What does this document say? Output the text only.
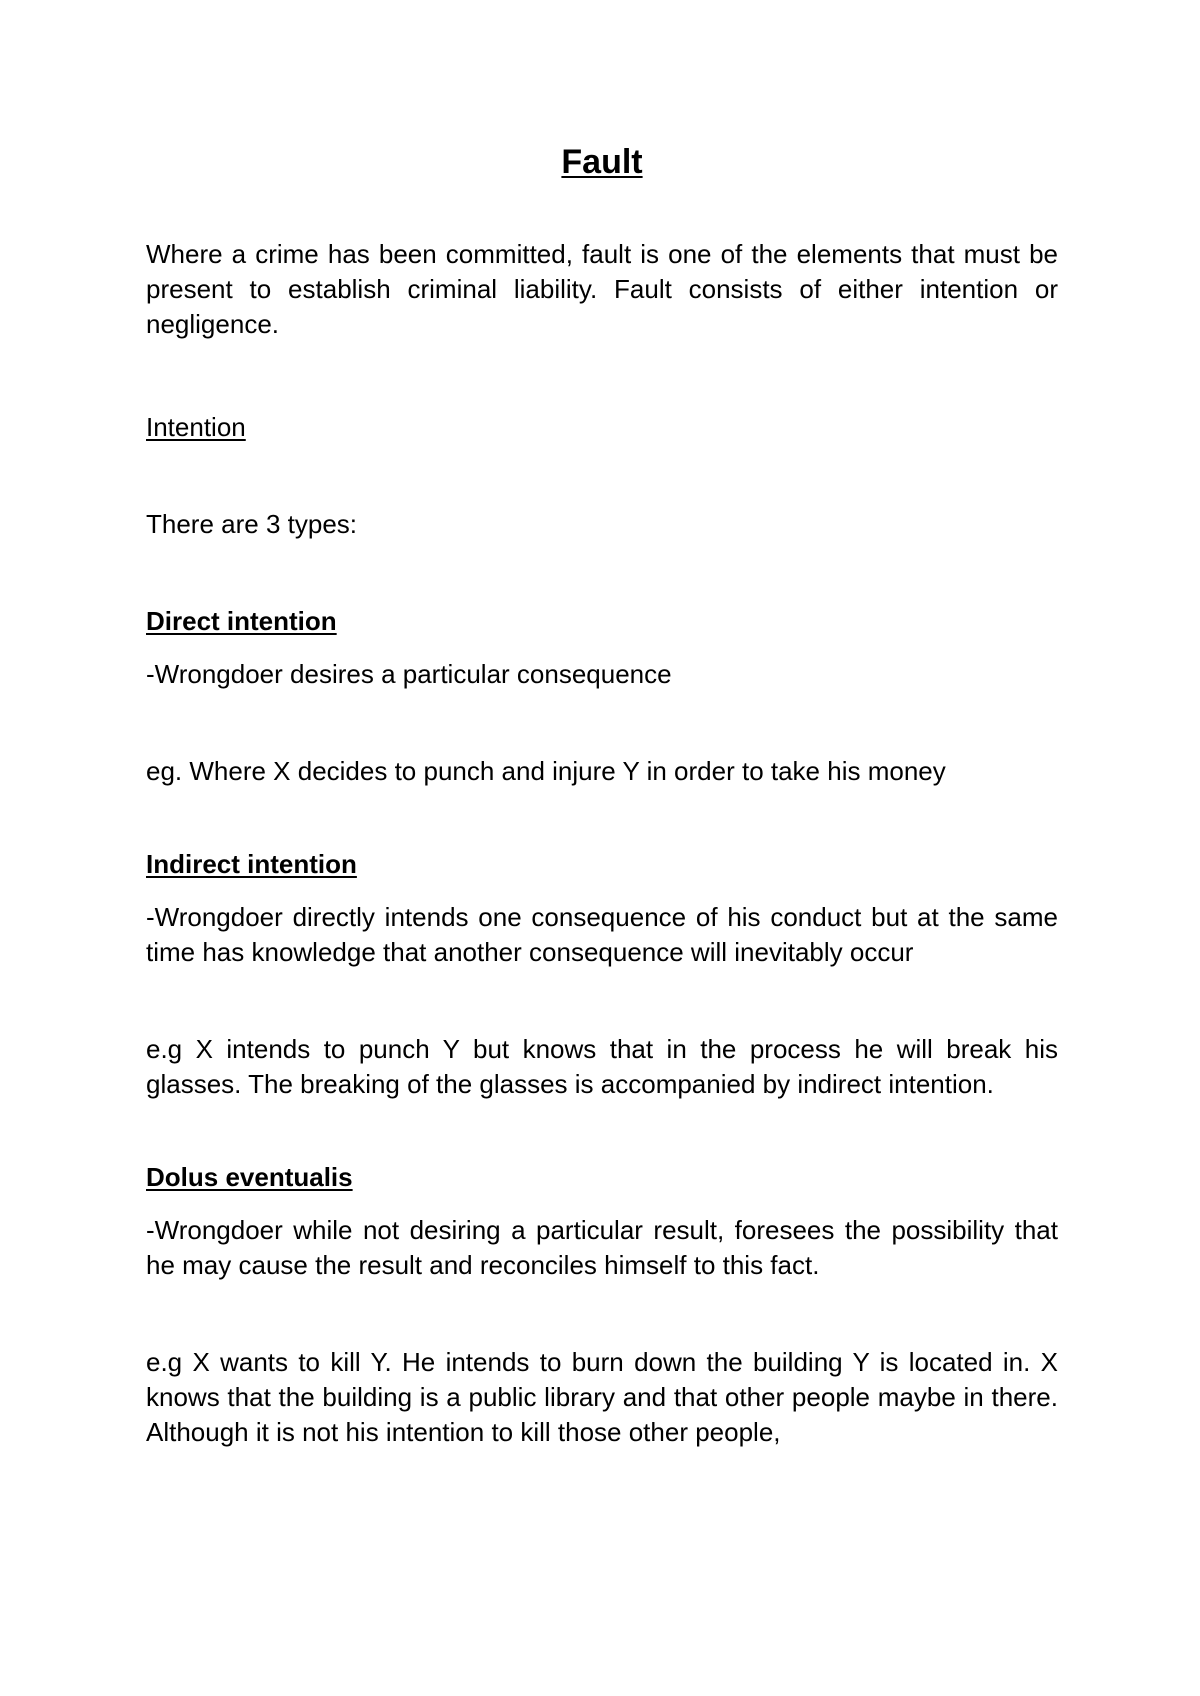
Fault

Where a crime has been committed, fault is one of the elements that must be present to establish criminal liability. Fault consists of either intention or negligence.

Intention

There are 3 types:

Direct intention

-Wrongdoer desires a particular consequence

eg. Where X decides to punch and injure Y in order to take his money

Indirect intention

-Wrongdoer directly intends one consequence of his conduct but at the same time has knowledge that another consequence will inevitably occur

e.g X intends to punch Y but knows that in the process he will break his glasses. The breaking of the glasses is accompanied by indirect intention.

Dolus eventualis

-Wrongdoer while not desiring a particular result, foresees the possibility that he may cause the result and reconciles himself to this fact.

e.g X wants to kill Y. He intends to burn down the building Y is located in. X knows that the building is a public library and that other people maybe in there. Although it is not his intention to kill those other people,
